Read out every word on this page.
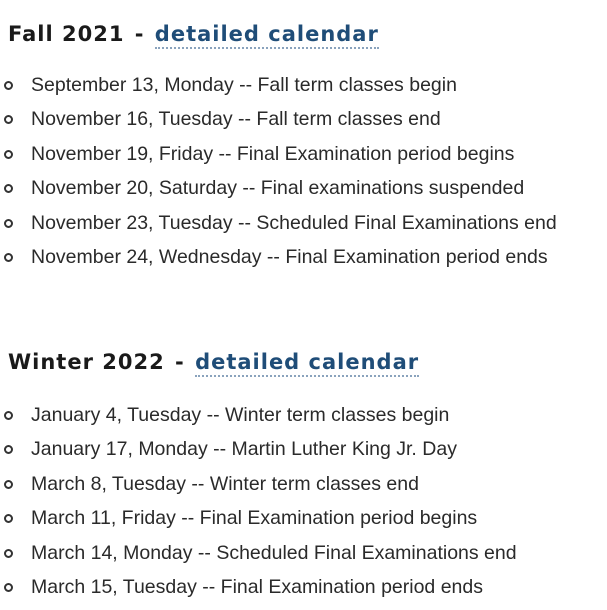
Fall 2021 - detailed calendar
September 13, Monday -- Fall term classes begin
November 16, Tuesday -- Fall term classes end
November 19, Friday -- Final Examination period begins
November 20, Saturday -- Final examinations suspended
November 23, Tuesday -- Scheduled Final Examinations end
November 24, Wednesday -- Final Examination period ends
Winter 2022 - detailed calendar
January 4, Tuesday -- Winter term classes begin
January 17, Monday -- Martin Luther King Jr. Day
March 8, Tuesday -- Winter term classes end
March 11, Friday -- Final Examination period begins
March 14, Monday -- Scheduled Final Examinations end
March 15, Tuesday -- Final Examination period ends
